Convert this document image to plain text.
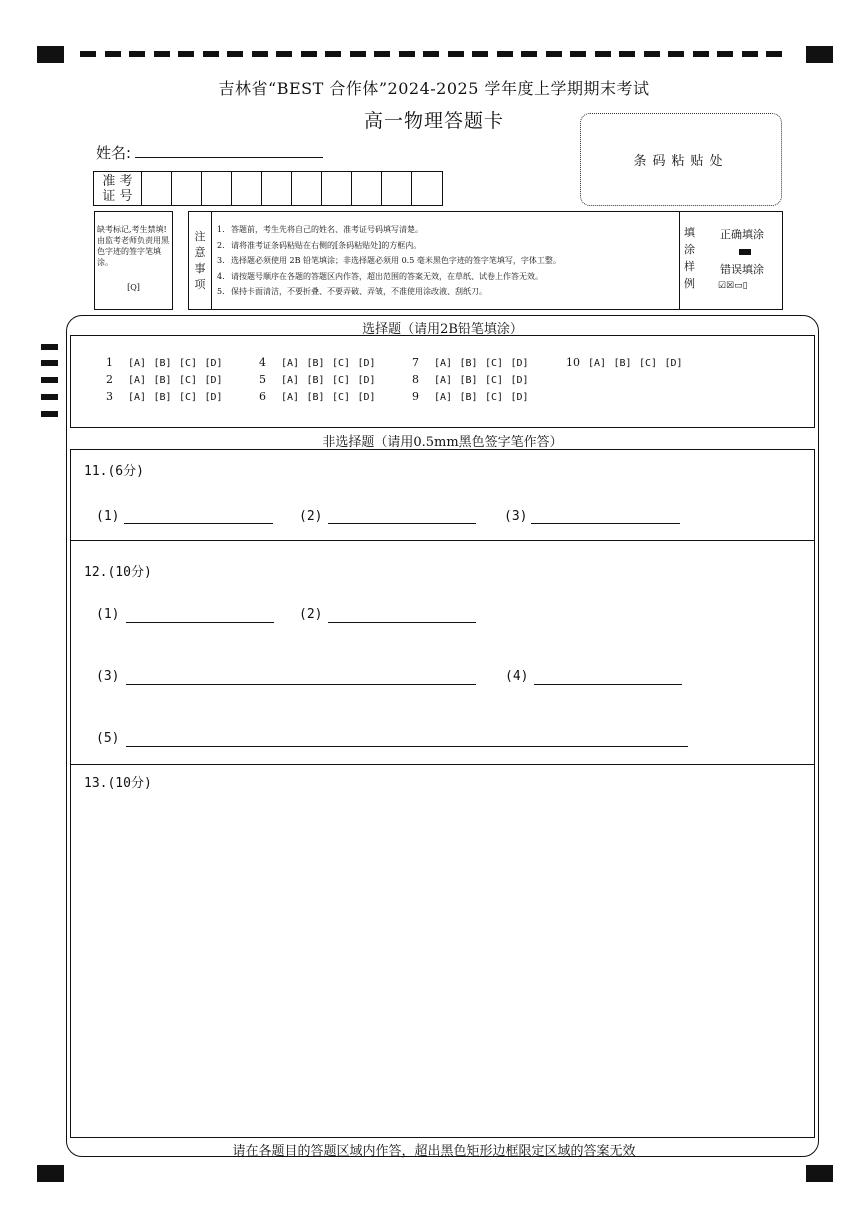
吉林省“BEST 合作体”2024-2025 学年度上学期期末考试
高一物理答题卡
姓名:	条码粘贴处
准 考
证 号
缺考标记,考生禁填!由监考老师负责用黑色字迹的签字笔填涂。
[Q]
注
意
事
项
1. 答题前，考生先将自己的姓名、准考证号码填写清楚。
2. 请将准考证条码粘贴在右侧的[条码粘贴处]的方框内。
3. 选择题必须使用 2B 铅笔填涂；非选择题必须用 0.5 毫米黑色字迹的签字笔填写，字体工整。
4. 请按题号顺序在各题的答题区内作答，超出范围的答案无效，在草纸、试卷上作答无效。
5. 保持卡面清洁，不要折叠、不要弄破、弄皱，不准使用涂改液、刮纸刀。
填
涂
样
例
正确填涂
错误填涂
☑☒▭▯
选择题（请用2B铅笔填涂）
1 [A] [B] [C] [D]
2 [A] [B] [C] [D]
3 [A] [B] [C] [D]
4 [A] [B] [C] [D]
5 [A] [B] [C] [D]
6 [A] [B] [C] [D]
7 [A] [B] [C] [D]
8 [A] [B] [C] [D]
9 [A] [B] [C] [D]
10 [A] [B] [C] [D]
非选择题（请用0.5mm黑色签字笔作答）
11.(6分)
(1)	(2)	(3)
12.(10分)
(1)	(2)
(3)	(4)
(5)
13.(10分)
请在各题目的答题区域内作答，超出黑色矩形边框限定区域的答案无效
